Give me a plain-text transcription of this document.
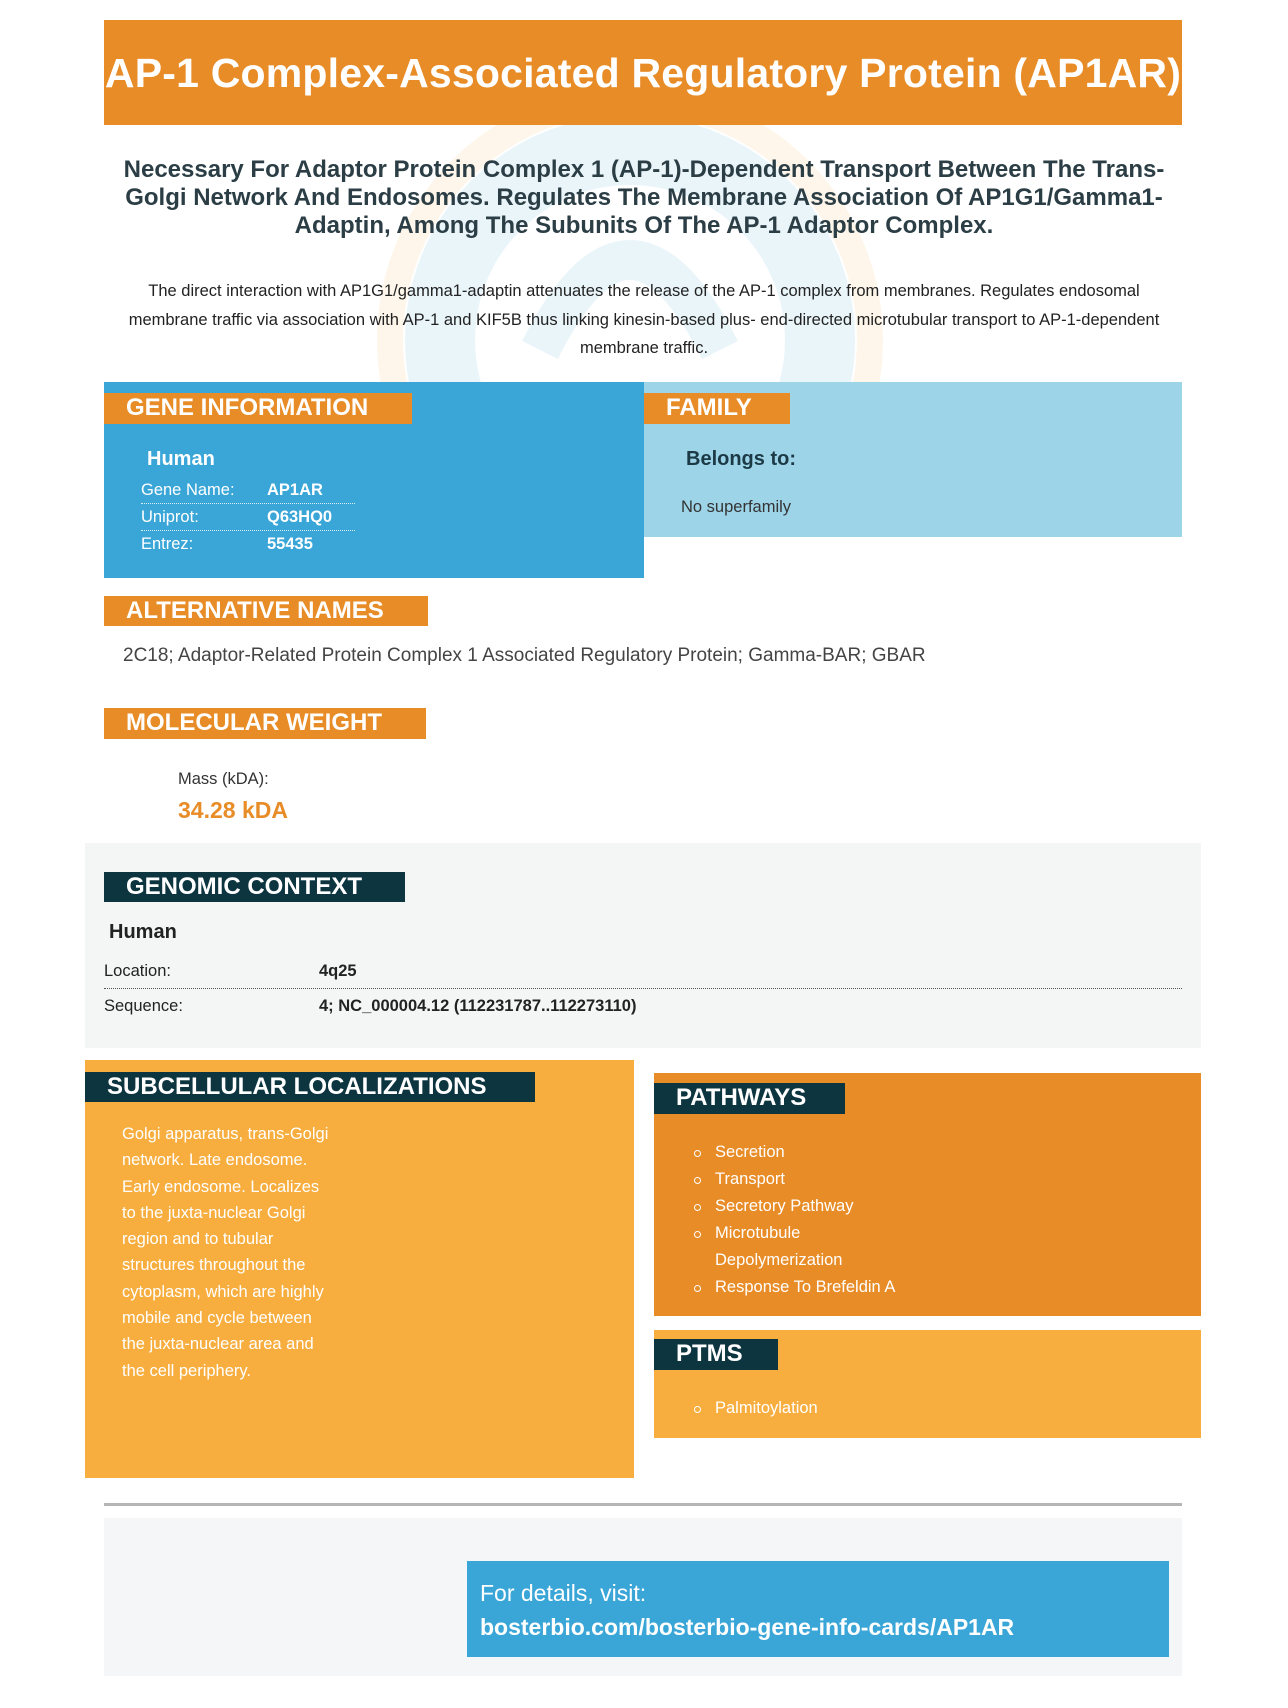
AP-1 Complex-Associated Regulatory Protein (AP1AR)
Necessary For Adaptor Protein Complex 1 (AP-1)-Dependent Transport Between The Trans-Golgi Network And Endosomes. Regulates The Membrane Association Of AP1G1/Gamma1-Adaptin, Among The Subunits Of The AP-1 Adaptor Complex.
The direct interaction with AP1G1/gamma1-adaptin attenuates the release of the AP-1 complex from membranes. Regulates endosomal membrane traffic via association with AP-1 and KIF5B thus linking kinesin-based plus- end-directed microtubular transport to AP-1-dependent membrane traffic.
GENE INFORMATION
Human
Gene Name:	AP1AR
Uniprot:	Q63HQ0
Entrez:	55435
FAMILY
Belongs to:
No superfamily
ALTERNATIVE NAMES
2C18; Adaptor-Related Protein Complex 1 Associated Regulatory Protein; Gamma-BAR; GBAR
MOLECULAR WEIGHT
Mass (kDA):
34.28 kDA
GENOMIC CONTEXT
Human
Location:	4q25
Sequence:	4; NC_000004.12 (112231787..112273110)
SUBCELLULAR LOCALIZATIONS
Golgi apparatus, trans-Golgi network. Late endosome. Early endosome. Localizes to the juxta-nuclear Golgi region and to tubular structures throughout the cytoplasm, which are highly mobile and cycle between the juxta-nuclear area and the cell periphery.
PATHWAYS
Secretion
Transport
Secretory Pathway
Microtubule Depolymerization
Response To Brefeldin A
PTMS
Palmitoylation
For details, visit:
bosterbio.com/bosterbio-gene-info-cards/AP1AR
